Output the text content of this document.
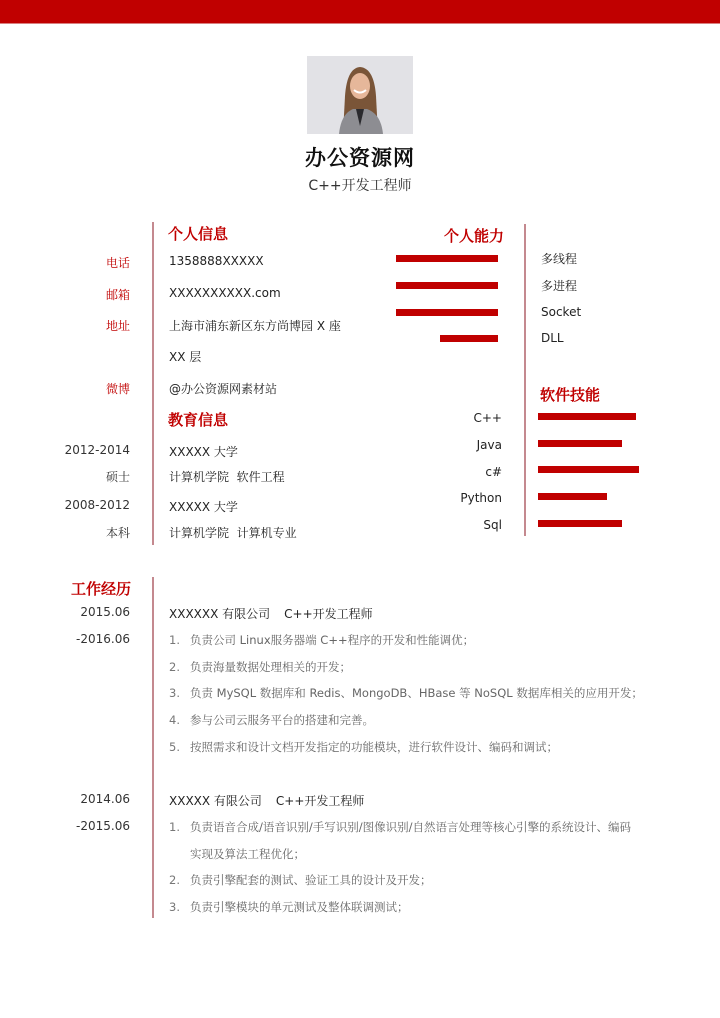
办公资源网
C++开发工程师
个人信息
电话	1358888XXXXX
邮箱	XXXXXXXXXX.com
地址	上海市浦东新区东方尚博园 X 座
XX 层
微博	@办公资源网素材站
教育信息
2012-2014	XXXXX 大学
硕士	计算机学院  软件工程
2008-2012	XXXXX 大学
本科	计算机学院  计算机专业
个人能力
多线程
多进程
Socket
DLL
软件技能
C++
Java
c#
Python
Sql
工作经历
2015.06
-2016.06
XXXXXX 有限公司 C++开发工程师
1. 负责公司 Linux服务器端 C++程序的开发和性能调优；
2. 负责海量数据处理相关的开发；
3. 负责 MySQL 数据库和 Redis、MongoDB、HBase 等 NoSQL 数据库相关的应用开发；
4. 参与公司云服务平台的搭建和完善。
5. 按照需求和设计文档开发指定的功能模块，进行软件设计、编码和调试；
2014.06
-2015.06
XXXXX 有限公司 C++开发工程师
1. 负责语音合成/语音识别/手写识别/图像识别/自然语言处理等核心引擎的系统设计、编码
实现及算法工程优化；
2. 负责引擎配套的测试、验证工具的设计及开发；
3. 负责引擎模块的单元测试及整体联调测试；
